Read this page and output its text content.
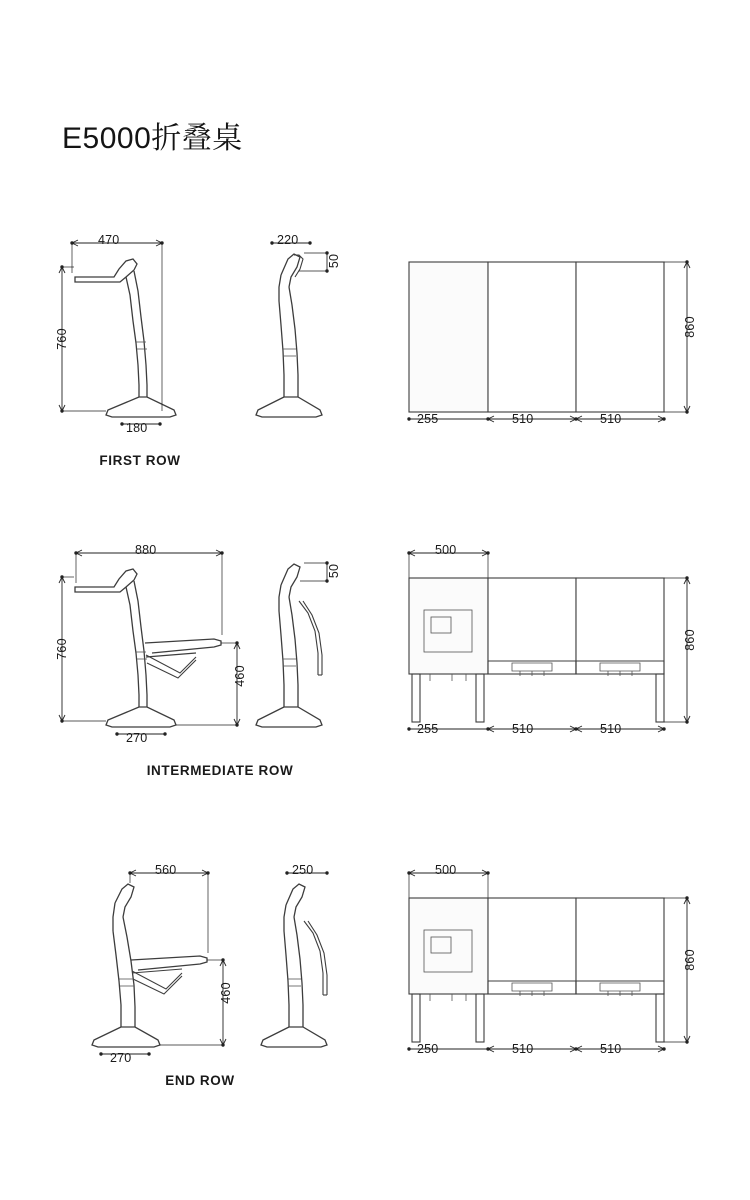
E5000折叠桌
470
760
180
220
50
860
255	510	510
FIRST ROW
880
760
270
460
50
500
860
255	510	510
INTERMEDIATE ROW
560
270
460
250	500
860
250	510	510
END ROW
